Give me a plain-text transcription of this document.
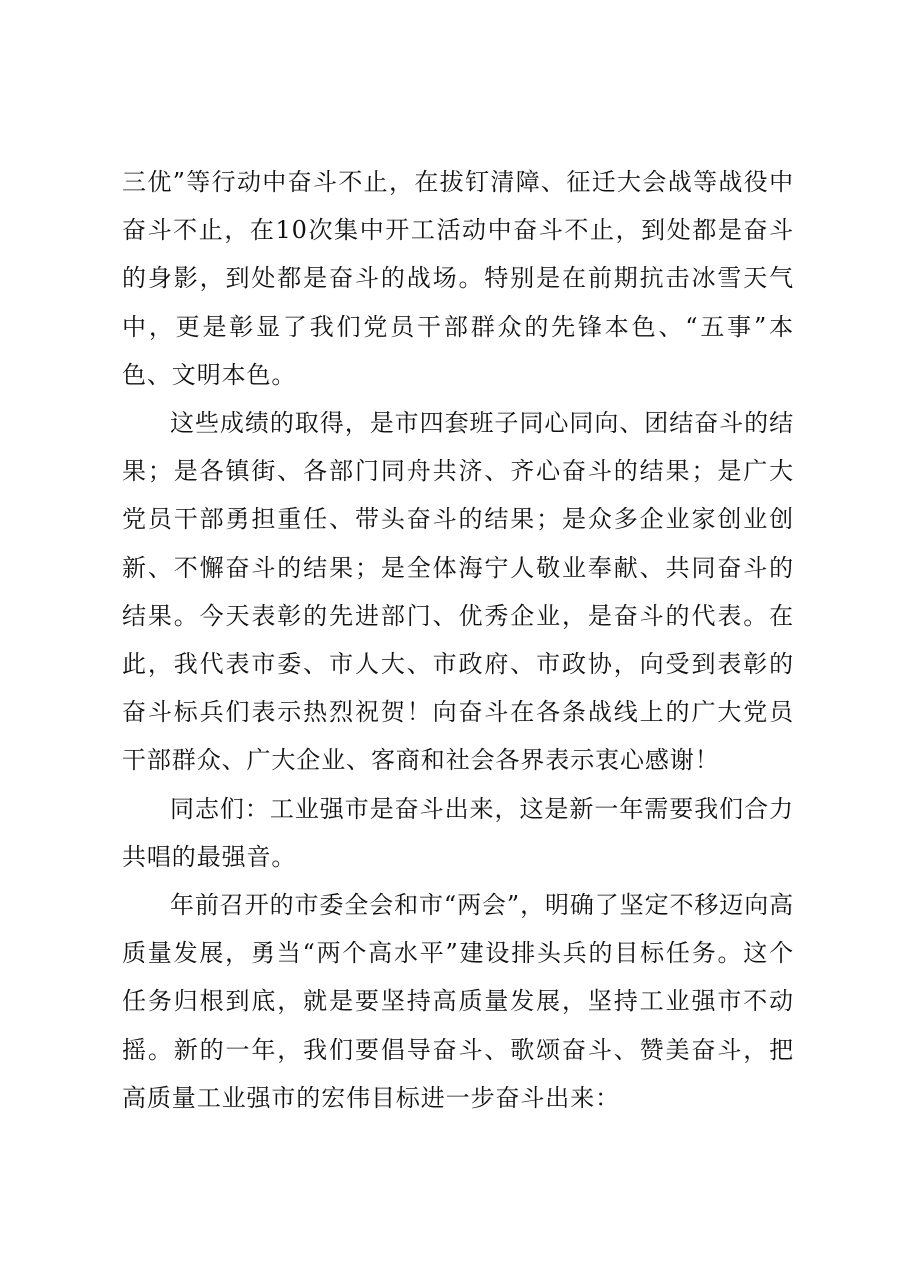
三优”等行动中奋斗不止，在拔钉清障、征迁大会战等战役中奋斗不止，在10次集中开工活动中奋斗不止，到处都是奋斗的身影，到处都是奋斗的战场。特别是在前期抗击冰雪天气中，更是彰显了我们党员干部群众的先锋本色、“五事”本色、文明本色。

这些成绩的取得，是市四套班子同心同向、团结奋斗的结果；是各镇街、各部门同舟共济、齐心奋斗的结果；是广大党员干部勇担重任、带头奋斗的结果；是众多企业家创业创新、不懈奋斗的结果；是全体海宁人敬业奉献、共同奋斗的结果。今天表彰的先进部门、优秀企业，是奋斗的代表。在此，我代表市委、市人大、市政府、市政协，向受到表彰的奋斗标兵们表示热烈祝贺！向奋斗在各条战线上的广大党员干部群众、广大企业、客商和社会各界表示衷心感谢！

同志们：工业强市是奋斗出来，这是新一年需要我们合力共唱的最强音。

年前召开的市委全会和市“两会”，明确了坚定不移迈向高质量发展，勇当“两个高水平”建设排头兵的目标任务。这个任务归根到底，就是要坚持高质量发展，坚持工业强市不动摇。新的一年，我们要倡导奋斗、歌颂奋斗、赞美奋斗，把高质量工业强市的宏伟目标进一步奋斗出来：
